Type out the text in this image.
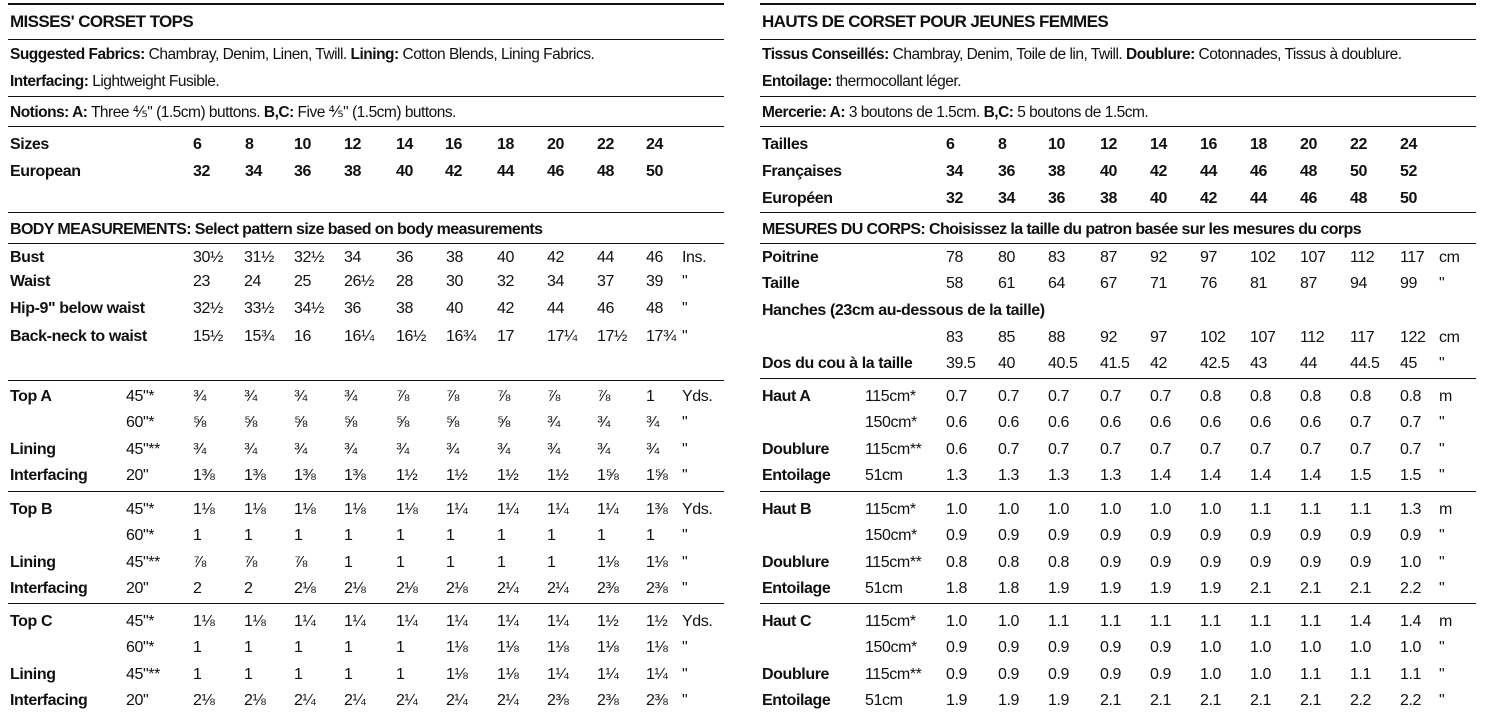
MISSES' CORSET TOPS
Suggested Fabrics: Chambray, Denim, Linen, Twill. Lining: Cotton Blends, Lining Fabrics.
Interfacing: Lightweight Fusible.
Notions: A: Three ⅘" (1.5cm) buttons. B,C: Five ⅘" (1.5cm) buttons.
BODY MEASUREMENTS: Select pattern size based on body measurements
Sizes	6	8	10 12 14 16 18 20 22 24
European	32 34 36 38 40 42 44 46 48 50
Bust	30½ 31½ 32½ 34 36 38 40 42 44 46 Ins.
Waist	23 24 25 26½ 28 30 32 34 37 39 "
Hip-9" below waist	32½ 33½ 34½ 36 38 40 42 44 46 48 "
Back-neck to waist	15½ 15¾ 16 16¼ 16½ 16¾ 17 17¼ 17½ 17¾ "
Top A	45"* ¾ ¾ ¾ ¾ ⅞ ⅞ ⅞ ⅞ ⅞ 1 Yds.
60"* ⅝ ⅝ ⅝ ⅝ ⅝ ⅝ ⅝ ¾ ¾ ¾ "
Lining	45"** ¾ ¾ ¾ ¾ ¾ ¾ ¾ ¾ ¾ ¾ "
Interfacing 20"	1⅜ 1⅜ 1⅜ 1⅜ 1½ 1½ 1½ 1½ 1⅝ 1⅝ "
Top B	45"* 1⅛ 1⅛ 1⅛ 1⅛ 1⅛ 1¼ 1¼ 1¼ 1¼ 1⅜ Yds.
60"* 1	1	1	1	1	1	1	1	1	1 "
Lining	45"** ⅞ ⅞ ⅞ 1	1	1	1	1	1⅛ 1⅛ "
Interfacing 20"	2	2	2⅛ 2⅛ 2⅛ 2⅛ 2¼ 2¼ 2⅜ 2⅜ "
Top C	45"* 1⅛ 1⅛ 1¼ 1¼ 1¼ 1¼ 1¼ 1¼ 1½ 1½ Yds.
60"* 1	1	1	1	1	1⅛ 1⅛ 1⅛ 1⅛ 1⅛ "
Lining	45"** 1	1	1	1	1	1⅛ 1⅛ 1¼ 1¼ 1¼ "
Interfacing 20"	2⅛ 2⅛ 2¼ 2¼ 2¼ 2¼ 2¼ 2⅜ 2⅜ 2⅜ "
HAUTS DE CORSET POUR JEUNES FEMMES
Tissus Conseillés: Chambray, Denim, Toile de lin, Twill. Doublure: Cotonnades, Tissus à doublure.
Entoilage: thermocollant léger.
Mercerie: A: 3 boutons de 1.5cm. B,C: 5 boutons de 1.5cm.
MESURES DU CORPS: Choisissez la taille du patron basée sur les mesures du corps
Tailles	6	8	10 12 14 16 18 20 22 24
Françaises	34 36 38 40 42 44 46 48 50 52
Européen	32 34 36 38 40 42 44 46 48 50
Poitrine	78 80 83 87 92 97 102 107 112 117 cm
Taille	58 61 64 67 71 76 81 87 94 99 "
Hanches (23cm au-dessous de la taille)
83 85 88 92 97 102 107 112 117 122 cm
Dos du cou à la taille 39.5 40 40.5 41.5 42 42.5 43 44 44.5 45 "
Haut A	115cm* 0.7 0.7 0.7 0.7 0.7 0.8 0.8 0.8 0.8 0.8 m
150cm* 0.6 0.6 0.6 0.6 0.6 0.6 0.6 0.6 0.7 0.7 "
Doublure 115cm** 0.6 0.7 0.7 0.7 0.7 0.7 0.7 0.7 0.7 0.7 "
Entoilage 51cm	1.3 1.3 1.3 1.3 1.4 1.4 1.4 1.4 1.5 1.5 "
Haut B	115cm* 1.0 1.0 1.0 1.0 1.0 1.0 1.1 1.1 1.1 1.3 m
150cm* 0.9 0.9 0.9 0.9 0.9 0.9 0.9 0.9 0.9 0.9 "
Doublure 115cm** 0.8 0.8 0.8 0.9 0.9 0.9 0.9 0.9 0.9 1.0 "
Entoilage 51cm	1.8 1.8 1.9 1.9 1.9 1.9 2.1 2.1 2.1 2.2 "
Haut C	115cm* 1.0 1.0 1.1 1.1 1.1 1.1 1.1 1.1 1.4 1.4 m
150cm* 0.9 0.9 0.9 0.9 0.9 1.0 1.0 1.0 1.0 1.0 "
Doublure 115cm** 0.9 0.9 0.9 0.9 0.9 1.0 1.0 1.1 1.1 1.1 "
Entoilage 51cm	1.9 1.9 1.9 2.1 2.1 2.1 2.1 2.1 2.2 2.2 "
